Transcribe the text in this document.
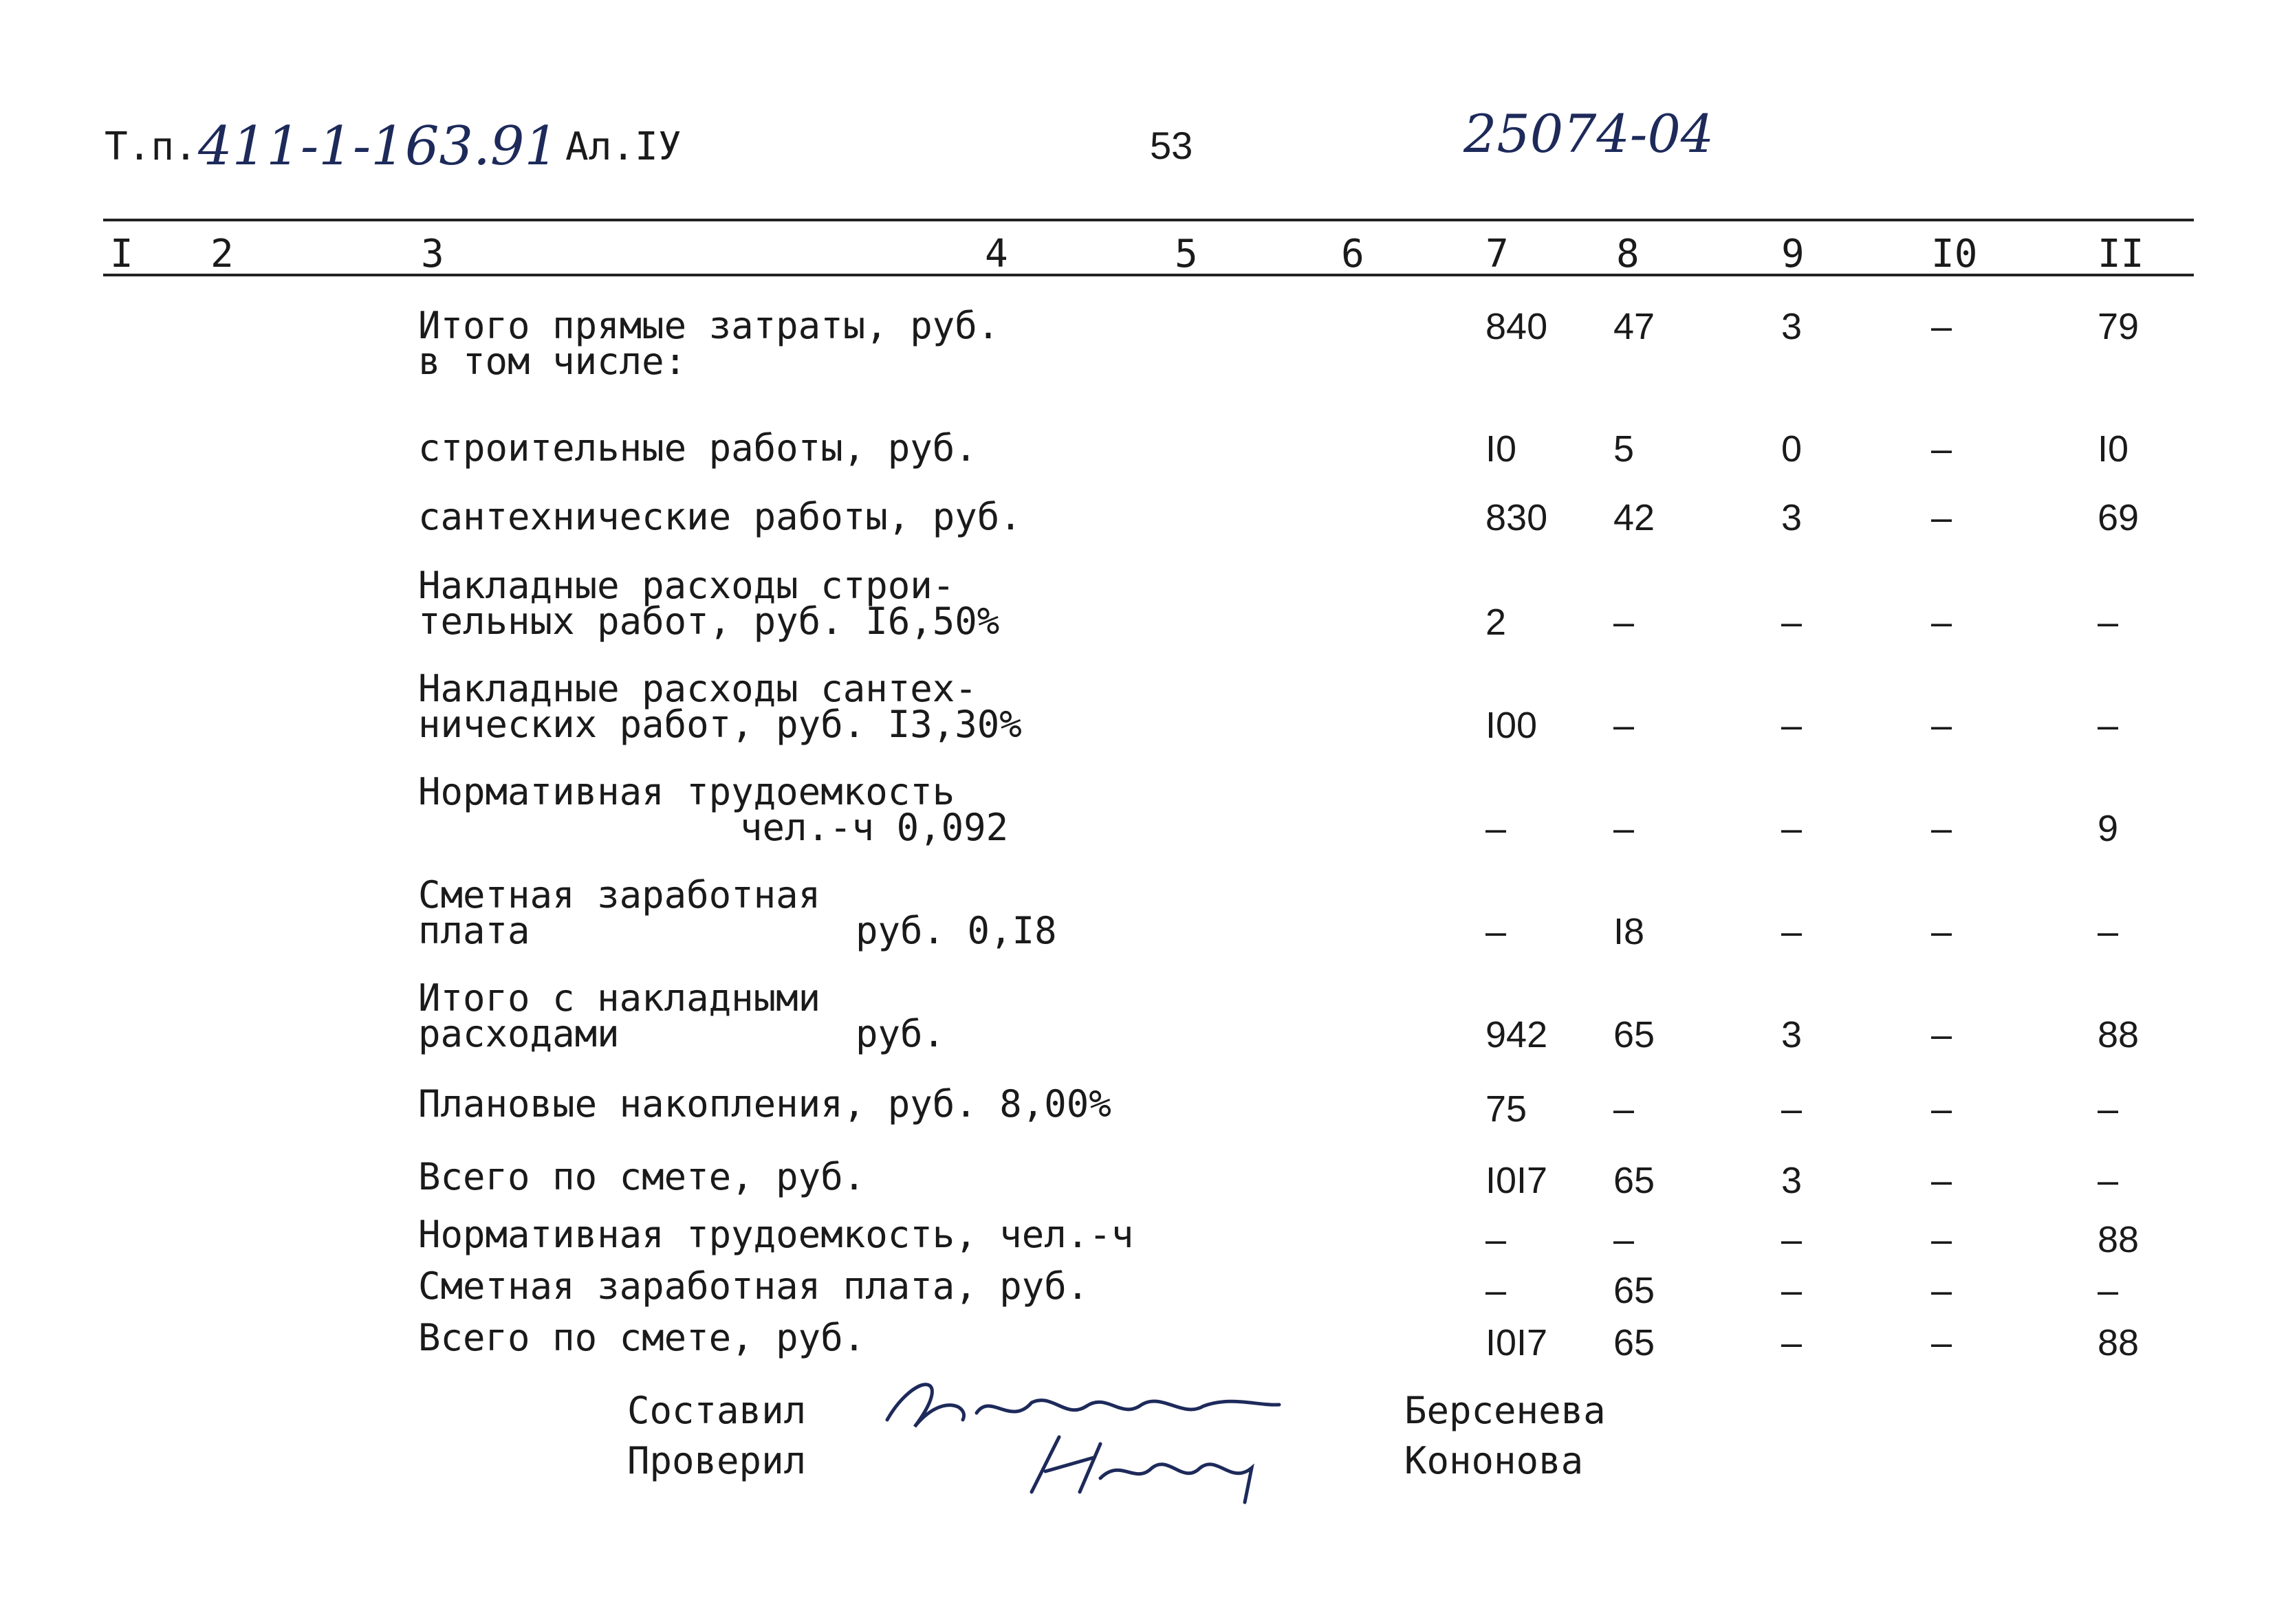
Т.п. 411-1-163.91 Ал.IУ	53	25074-04
I 2	3	4	5	6	7	8	9	I0	II
Итого прямые затраты, руб.
в том числе:
840 47	3	–	79
строительные работы, руб.	I0	5	0	–	I0
сантехнические работы, руб.	830 42	3	–	69
Накладные расходы строи-
тельных работ, руб. I6,50%	2	–	–	–	–
Накладные расходы сантех-
нических работ, руб. I3,30%	I00 –	–	–	–
Нормативная трудоемкость
чел.-ч 0,092	–	–	–	–	9
Сметная заработная
плата	руб. 0,I8	–	I8	–	–	–
Итого с накладными
расходами	руб.	942 65	3	–	88
Плановые накопления, руб. 8,00%	75 –	–	–	–
Всего по смете, руб.	I0I7 65	3	–	–
Нормативная трудоемкость, чел.-ч	–	–	–	–	88
Сметная заработная плата, руб.	–	65	–	–	–
Всего по смете, руб.	I0I7 65	–	–	88
Составил
Проверил
Берсенева
Кононова
